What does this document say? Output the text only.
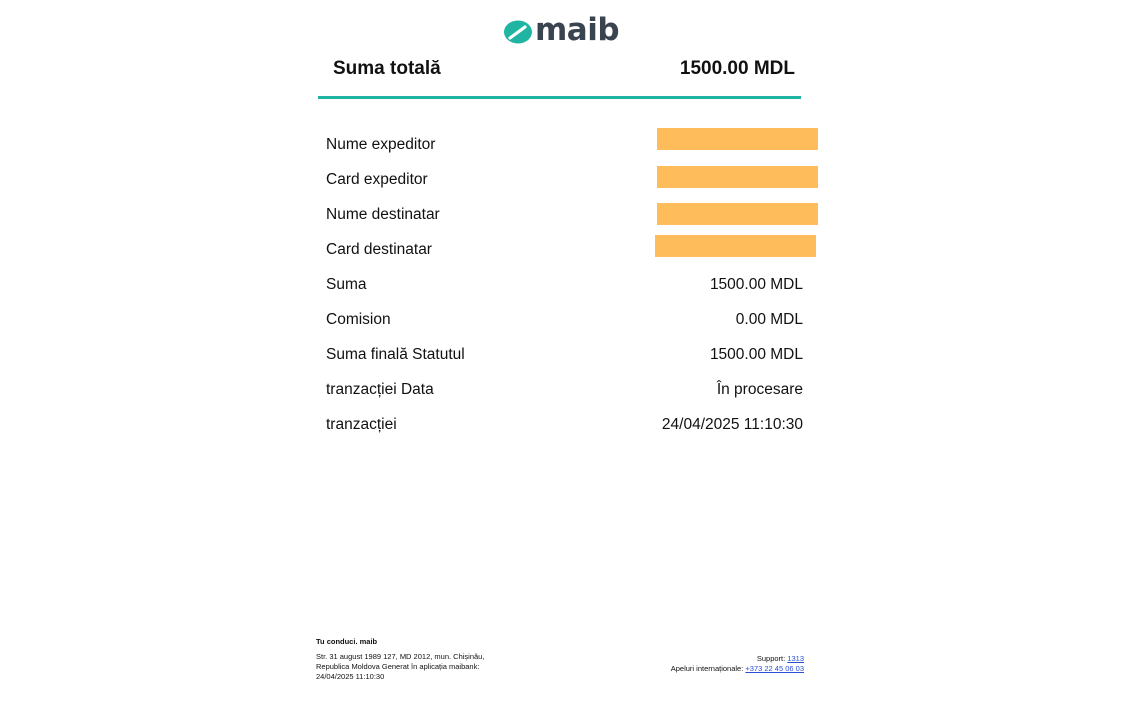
maib
Suma totală	1500.00 MDL
Nume expeditor
Card expeditor
Nume destinatar
Card destinatar
Suma	1500.00 MDL
Comision	0.00 MDL
Suma finală Statutul	1500.00 MDL
tranzacției Data	În procesare
tranzacției	24/04/2025 11:10:30
Tu conduci. maib
Str. 31 august 1989 127, MD 2012, mun. Chișinău,
Republica Moldova Generat în aplicația maibank:
24/04/2025 11:10:30
Support: 1313
Apeluri internaționale: +373 22 45 06 03
